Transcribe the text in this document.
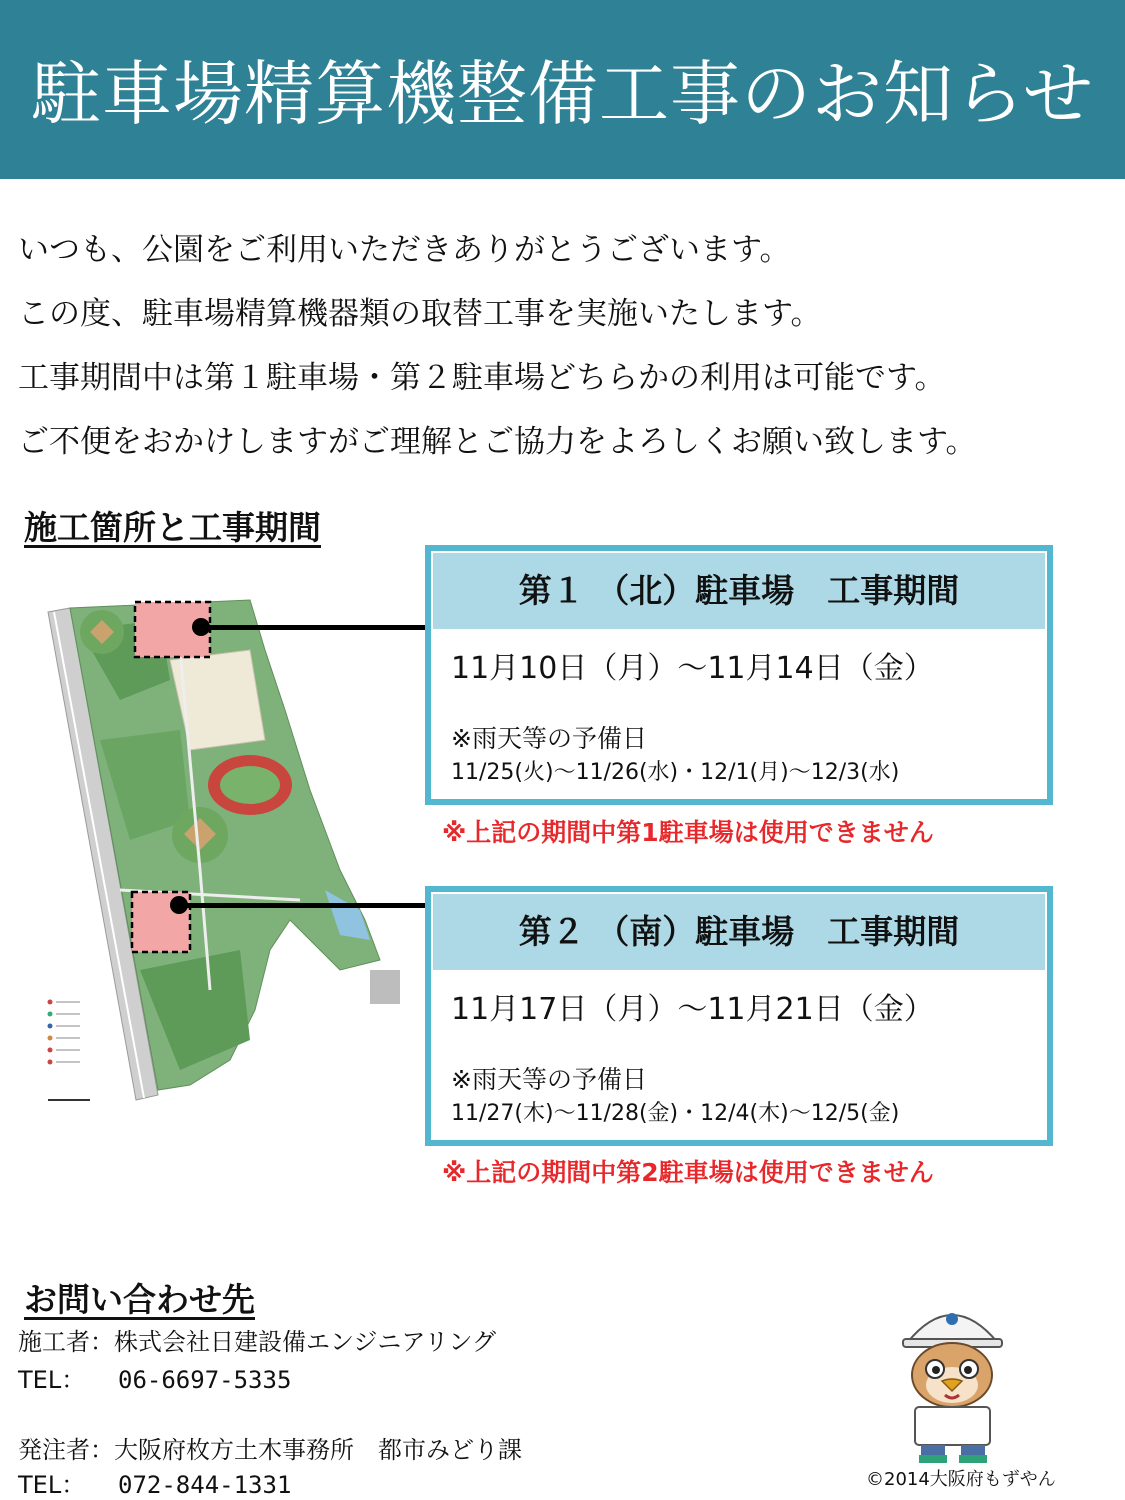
駐車場精算機整備工事のお知らせ
いつも、公園をご利用いただきありがとうございます。
この度、駐車場精算機器類の取替工事を実施いたします。
工事期間中は第１駐車場・第２駐車場どちらかの利用は可能です。
ご不便をおかけしますがご理解とご協力をよろしくお願い致します。
施工箇所と工事期間
第１ （北）駐車場　工事期間
11月10日（月）～11月14日（金）
※雨天等の予備日
11/25(火)～11/26(水)・12/1(月)～12/3(水)
※上記の期間中第1駐車場は使用できません
第２ （南）駐車場　工事期間
11月17日（月）～11月21日（金）
※雨天等の予備日
11/27(木)～11/28(金)・12/4(木)～12/5(金)
※上記の期間中第2駐車場は使用できません
お問い合わせ先
施工者：株式会社日建設備エンジニアリング
TEL： 06-6697-5335
発注者：大阪府枚方土木事務所　都市みどり課
TEL： 072-844-1331	©2014大阪府もずやん
